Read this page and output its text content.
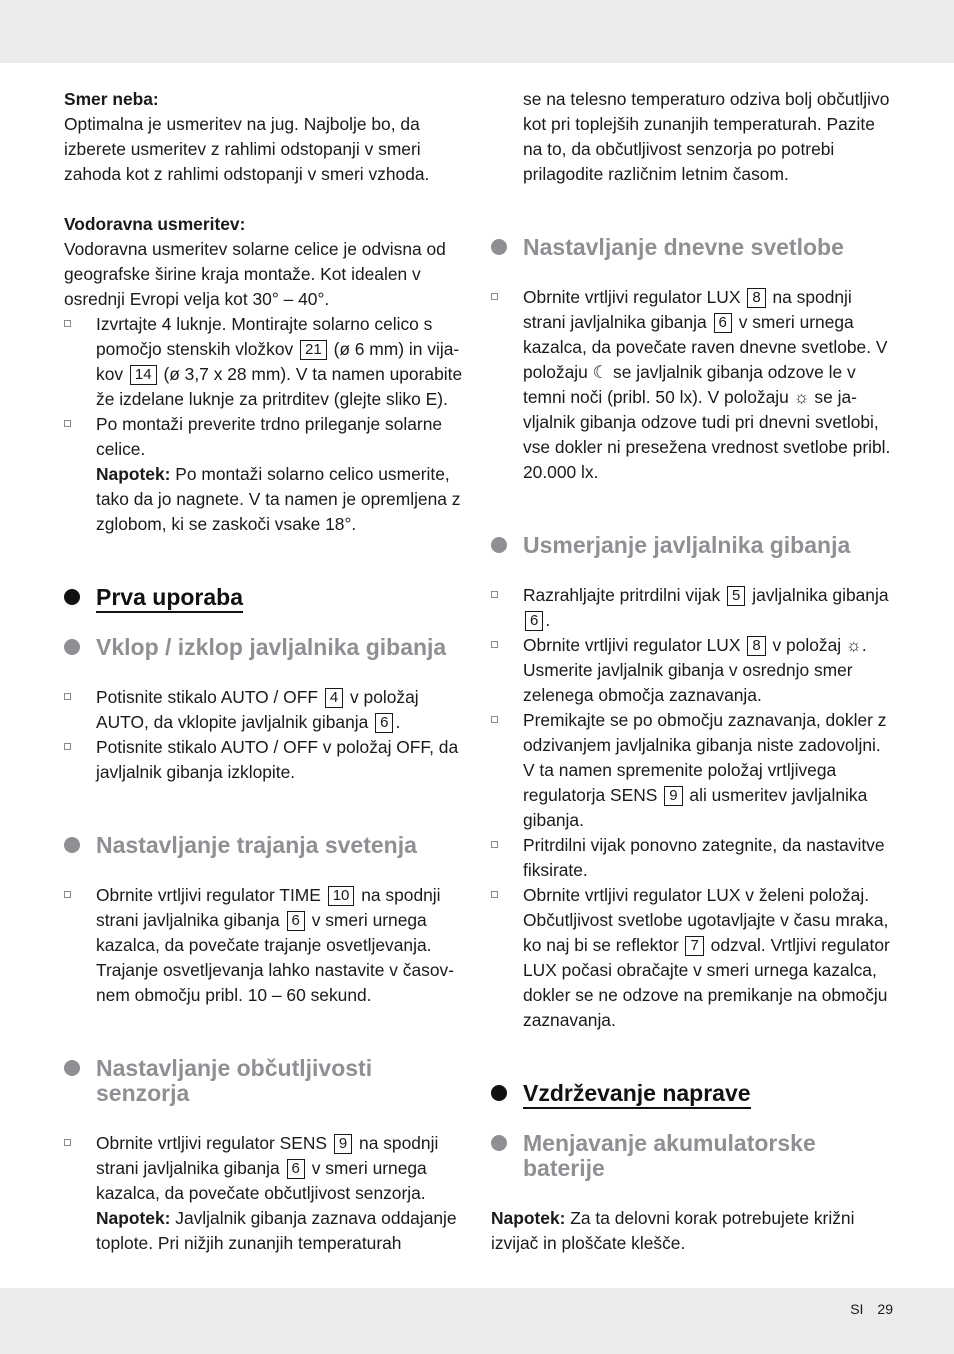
Smer neba:

Optimalna je usmeritev na jug. Najbolje bo, da izberete usmeritev z rahlimi odstopanji v smeri zahoda kot z rahlimi odstopanji v smeri vzhoda.

Vodoravna usmeritev:

Vodoravna usmeritev solarne celice je odvisna od geografske širine kraja montaže. Kot idealen v osrednji Evropi velja kot 30° – 40°.

Izvrtajte 4 luknje. Montirajte solarno celico s pomočjo stenskih vložkov 21 (ø 6 mm) in vijakov 14 (ø 3,7 x 28 mm). V ta namen uporabite že izdelane luknje za pritrditev (glejte sliko E).
Po montaži preverite trdno prileganje solarne celice.

Napotek: Po montaži solarno celico usmerite, tako da jo nagnete. V ta namen je opremljena z zglobom, ki se zaskoči vsake 18°.

Prva uporaba
Vklop / izklop javljalnika gibanja
Potisnite stikalo AUTO / OFF 4 v položaj AUTO, da vklopite javljalnik gibanja 6 .
Potisnite stikalo AUTO / OFF v položaj OFF, da javljalnik gibanja izklopite.
Nastavljanje trajanja svetenja
Obrnite vrtljivi regulator TIME 10 na spodnji strani javljalnika gibanja 6 v smeri urnega kazalca, da povečate trajanje osvetljevanja. Trajanje osvetljevanja lahko nastavite v časovnem območju pribl. 10 – 60 sekund.
Nastavljanje občutljivosti senzorja
Obrnite vrtljivi regulator SENS 9 na spodnji strani javljalnika gibanja 6 v smeri urnega kazalca, da povečate občutljivost senzorja.

Napotek: Javljalnik gibanja zaznava oddajanje toplote. Pri nižjih zunanjih temperaturah

se na telesno temperaturo odziva bolj občutljivo kot pri toplejših zunanjih temperaturah. Pazite na to, da občutljivost senzorja po potrebi prilagodite različnim letnim časom.

Nastavljanje dnevne svetlobe
Obrnite vrtljivi regulator LUX 8 na spodnji strani javljalnika gibanja 6 v smeri urnega kazalca, da povečate raven dnevne svetlobe. V položaju ☾ se javljalnik gibanja odzove le v temni noči (pribl. 50 lx). V položaju ☼ se javljalnik gibanja odzove tudi pri dnevni svetlobi, vse dokler ni presežena vrednost svetlobe pribl. 20.000 lx.
Usmerjanje javljalnika gibanja
Razrahljajte pritrdilni vijak 5 javljalnika gibanja 6 .
Obrnite vrtljivi regulator LUX 8 v položaj ☼. Usmerite javljalnik gibanja v osrednjo smer zelenega območja zaznavanja.
Premikajte se po območju zaznavanja, dokler z odzivanjem javljalnika gibanja niste zadovoljni. V ta namen spremenite položaj vrtljivega regulatorja SENS 9 ali usmeritev javljalnika gibanja.
Pritrdilni vijak ponovno zategnite, da nastavitve fiksirate.
Obrnite vrtljivi regulator LUX v želeni položaj. Občutljivost svetlobe ugotavljajte v času mraka, ko naj bi se reflektor 7 odzval. Vrtljivi regulator LUX počasi obračajte v smeri urnega kazalca, dokler se ne odzove na premikanje na območju zaznavanja.
Vzdrževanje naprave
Menjavanje akumulatorske baterije

Napotek: Za ta delovni korak potrebujete križni izvijač in ploščate klešče.

SI 29
